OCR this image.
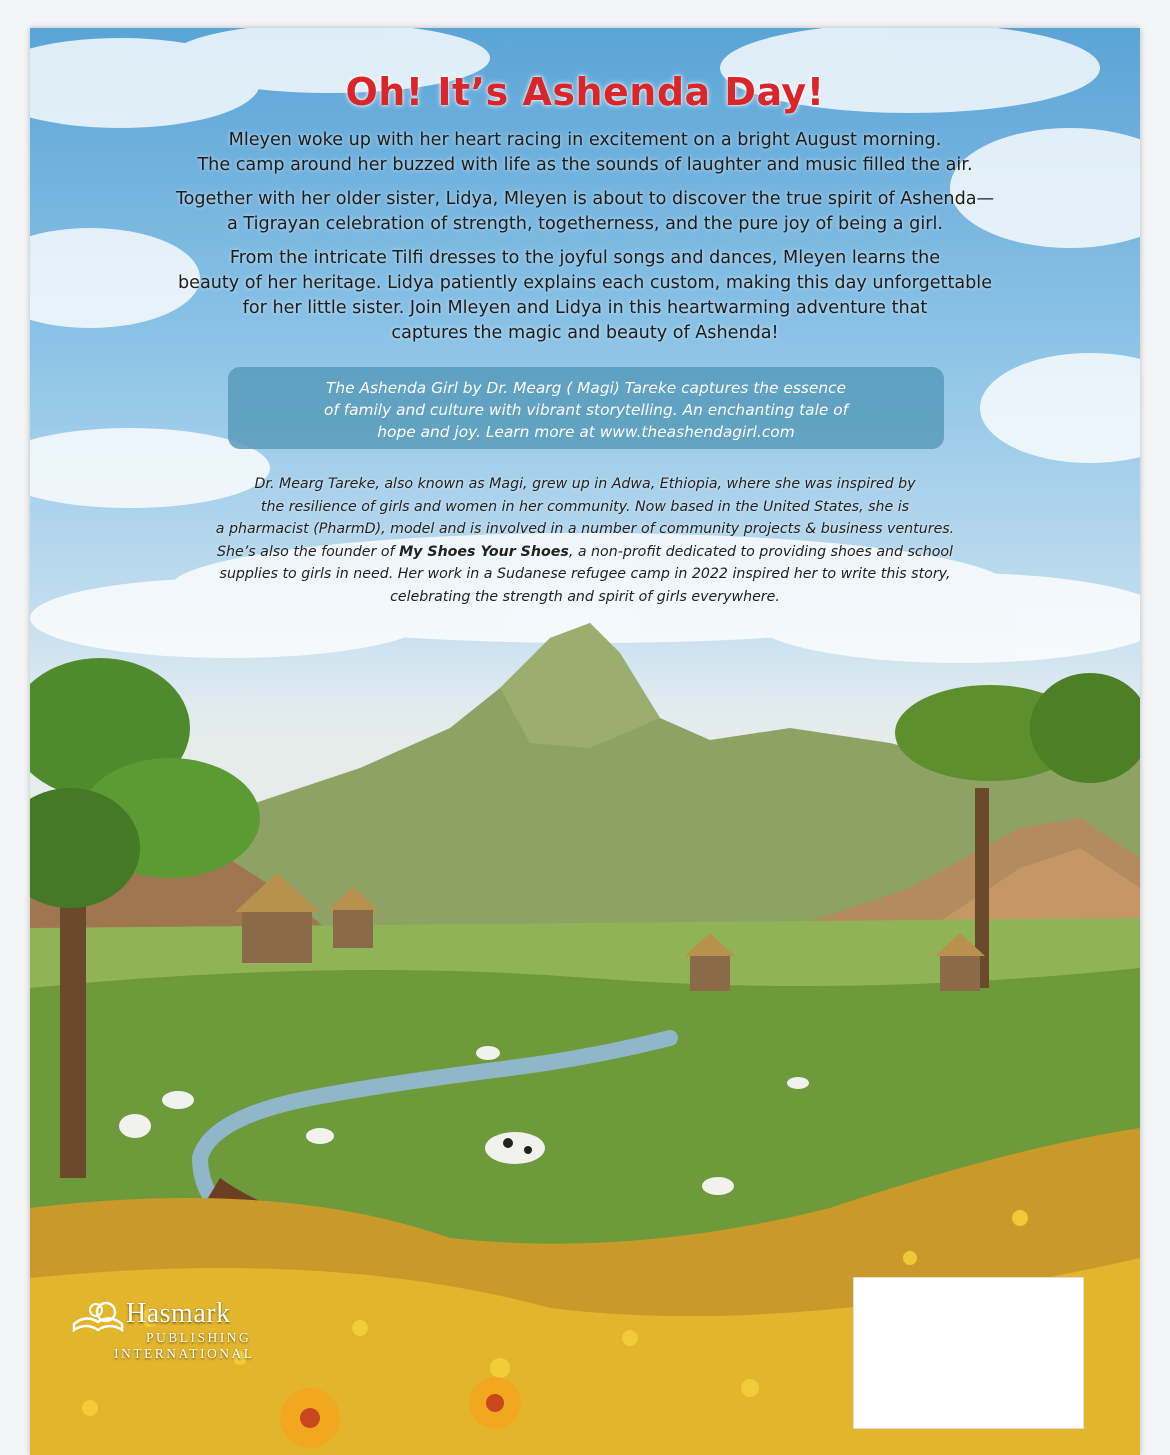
Oh! It’s Ashenda Day!

Mleyen woke up with her heart racing in excitement on a bright August morning.
The camp around her buzzed with life as the sounds of laughter and music filled the air.

Together with her older sister, Lidya, Mleyen is about to discover the true spirit of Ashenda—
a Tigrayan celebration of strength, togetherness, and the pure joy of being a girl.

From the intricate Tilfi dresses to the joyful songs and dances, Mleyen learns the
beauty of her heritage. Lidya patiently explains each custom, making this day unforgettable
for her little sister. Join Mleyen and Lidya in this heartwarming adventure that
captures the magic and beauty of Ashenda!

The Ashenda Girl by Dr. Mearg ( Magi) Tareke captures the essence
of family and culture with vibrant storytelling. An enchanting tale of
hope and joy. Learn more at www.theashendagirl.com
Dr. Mearg Tareke, also known as Magi, grew up in Adwa, Ethiopia, where she was inspired by
the resilience of girls and women in her community. Now based in the United States, she is
a pharmacist (PharmD), model and is involved in a number of community projects & business ventures.
She’s also the founder of My Shoes Your Shoes, a non-profit dedicated to providing shoes and school
supplies to girls in need. Her work in a Sudanese refugee camp in 2022 inspired her to write this story,
celebrating the strength and spirit of girls everywhere.
Hasmark
PUBLISHING
INTERNATIONAL
